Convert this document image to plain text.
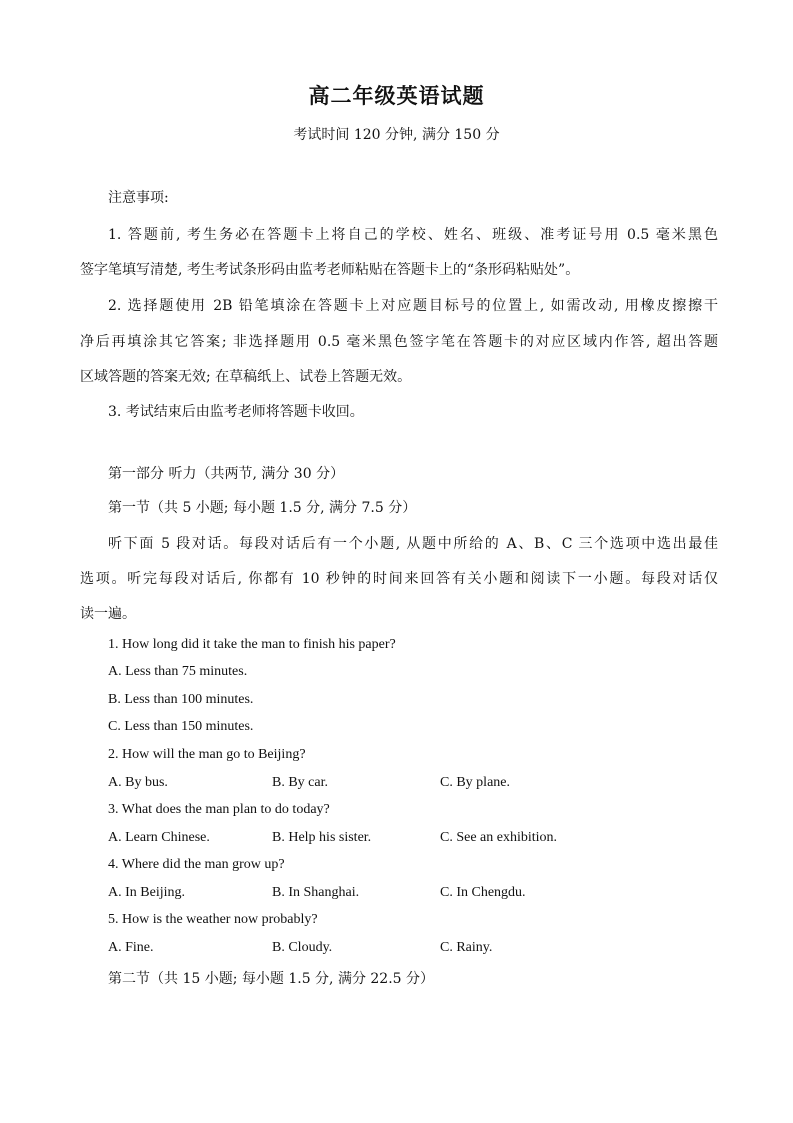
高二年级英语试题
考试时间 120 分钟, 满分 150 分
注意事项:
1. 答题前, 考生务必在答题卡上将自己的学校、姓名、班级、准考证号用 0.5 毫米黑色
签字笔填写清楚, 考生考试条形码由监考老师粘贴在答题卡上的“条形码粘贴处”。
2. 选择题使用 2B 铅笔填涂在答题卡上对应题目标号的位置上, 如需改动, 用橡皮擦擦干
净后再填涂其它答案; 非选择题用 0.5 毫米黑色签字笔在答题卡的对应区域内作答, 超出答题
区域答题的答案无效; 在草稿纸上、试卷上答题无效。
3. 考试结束后由监考老师将答题卡收回。
第一部分 听力（共两节, 满分 30 分）
第一节（共 5 小题; 每小题 1.5 分, 满分 7.5 分）
听下面 5 段对话。每段对话后有一个小题, 从题中所给的 A、B、C 三个选项中选出最佳
选项。听完每段对话后, 你都有 10 秒钟的时间来回答有关小题和阅读下一小题。每段对话仅
读一遍。
1. How long did it take the man to finish his paper?
A. Less than 75 minutes.
B. Less than 100 minutes.
C. Less than 150 minutes.
2. How will the man go to Beijing?
A. By bus.	B. By car.	C. By plane.
3. What does the man plan to do today?
A. Learn Chinese.	B. Help his sister.	C. See an exhibition.
4. Where did the man grow up?
A. In Beijing.	B. In Shanghai.	C. In Chengdu.
5. How is the weather now probably?
A. Fine.	B. Cloudy.	C. Rainy.
第二节（共 15 小题; 每小题 1.5 分, 满分 22.5 分）
